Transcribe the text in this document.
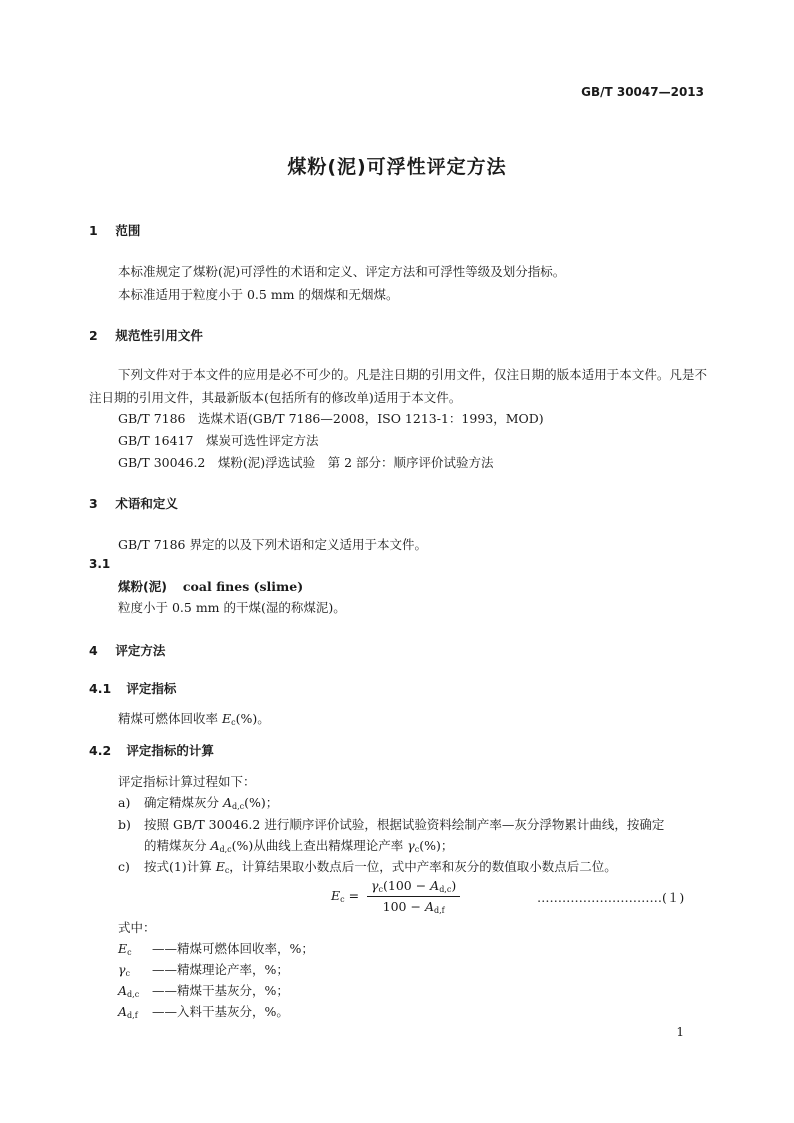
GB/T 30047—2013
煤粉(泥)可浮性评定方法
1 范围
本标准规定了煤粉(泥)可浮性的术语和定义、评定方法和可浮性等级及划分指标。
本标准适用于粒度小于 0.5 mm 的烟煤和无烟煤。
2 规范性引用文件
下列文件对于本文件的应用是必不可少的。凡是注日期的引用文件，仅注日期的版本适用于本文件。凡是不注日期的引用文件，其最新版本(包括所有的修改单)适用于本文件。
GB/T 7186　选煤术语(GB/T 7186—2008，ISO 1213-1：1993，MOD)
GB/T 16417　煤炭可选性评定方法
GB/T 30046.2　煤粉(泥)浮选试验　第 2 部分：顺序评价试验方法
3 术语和定义
GB/T 7186 界定的以及下列术语和定义适用于本文件。
3.1
煤粉(泥) coal fines (slime)
粒度小于 0.5 mm 的干煤(湿的称煤泥)。
4 评定方法
4.1 评定指标
精煤可燃体回收率 $E_c(\%)$。
4.2 评定指标的计算
评定指标计算过程如下：
a) 确定精煤灰分 $A_{d,c}(\%)$；
b) 按照 GB/T 30046.2 进行顺序评价试验，根据试验资料绘制产率—灰分浮物累计曲线，按确定
的精煤灰分 $A_{d,c}(\%)$从曲线上查出精煤理论产率 $\gamma_c(\%)$；
c) 按式(1)计算 $E_c$，计算结果取小数点后一位，式中产率和灰分的数值取小数点后二位。
$E_c = \frac{\gamma_c(100 - A_{d,c})}{100 - A_{d,f}}$	…………………………(１)
式中：
$E_c$ ——精煤可燃体回收率，%；
$\gamma_c$ ——精煤理论产率，%；
$A_{d,c}$ ——精煤干基灰分，%；
$A_{d,f}$ ——入料干基灰分，%。
1
